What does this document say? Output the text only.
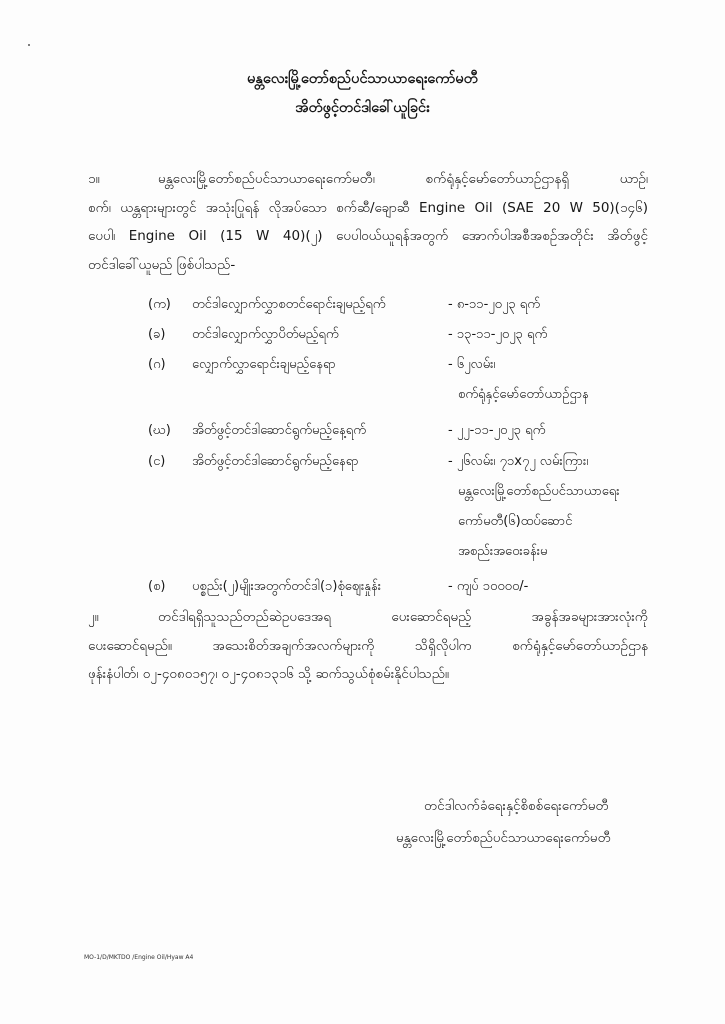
မန္တလေးမြို့တော်စည်ပင်သာယာရေးကော်မတီ
အိတ်ဖွင့်တင်ဒါခေါ်ယူခြင်း
၁။	မန္တလေးမြို့တော်စည်ပင်သာယာရေးကော်မတီ၊ စက်ရုံနှင့်မော်တော်ယာဉ်ဌာနရှိ ယာဉ်၊
စက်၊ ယန္တရားများတွင် အသုံးပြုရန် လိုအပ်သော စက်ဆီ/ချောဆီ Engine Oil (SAE 20 W 50)(၁၄၆)
ပေပါ၊ Engine Oil (15 W 40)(၂) ပေပါဝယ်ယူရန်အတွက် အောက်ပါအစီအစဉ်အတိုင်း အိတ်ဖွင့်
တင်ဒါခေါ်ယူမည် ဖြစ်ပါသည်-
(က)	တင်ဒါလျှောက်လွှာစတင်ရောင်းချမည့်ရက်	- ၈-၁၁-၂၀၂၃ ရက်
(ခ)	တင်ဒါလျှောက်လွှာပိတ်မည့်ရက်	- ၁၃-၁၁-၂၀၂၃ ရက်
(ဂ)	လျှောက်လွှာရောင်းချမည့်နေရာ	- ၆၂လမ်း၊
စက်ရုံနှင့်မော်တော်ယာဉ်ဌာန
(ဃ)	အိတ်ဖွင့်တင်ဒါဆောင်ရွက်မည့်နေ့ရက်	- ၂၂-၁၁-၂၀၂၃ ရက်
(င)	အိတ်ဖွင့်တင်ဒါဆောင်ရွက်မည့်နေရာ	- ၂၆လမ်း၊ ၇၁x၇၂ လမ်းကြား၊
မန္တလေးမြို့တော်စည်ပင်သာယာရေး
ကော်မတီ(၆)ထပ်ဆောင်
အစည်းအဝေးခန်းမ
(စ)	ပစ္စည်း(၂)မျိုးအတွက်တင်ဒါ(၁)စုံဈေးနှုန်း	- ကျပ် ၁၀၀၀၀/-
၂။	တင်ဒါရရှိသူသည်တည်ဆဲဥပဒေအရ ပေးဆောင်ရမည့် အခွန်အခများအားလုံးကို
ပေးဆောင်ရမည်။ အသေးစိတ်အချက်အလက်များကို သိရှိလိုပါက စက်ရုံနှင့်မော်တော်ယာဉ်ဌာန
ဖုန်းနံပါတ်၊ ၀၂-၄၀၈၀၁၅၇၊ ၀၂-၄၀၈၁၃၁၆ သို့ ဆက်သွယ်စုံစမ်းနိုင်ပါသည်။
တင်ဒါလက်ခံရေးနှင့်စိစစ်ရေးကော်မတီ
မန္တလေးမြို့တော်စည်ပင်သာယာရေးကော်မတီ
MO-1/D/MKTDO /Engine Oil/Hyaw A4
